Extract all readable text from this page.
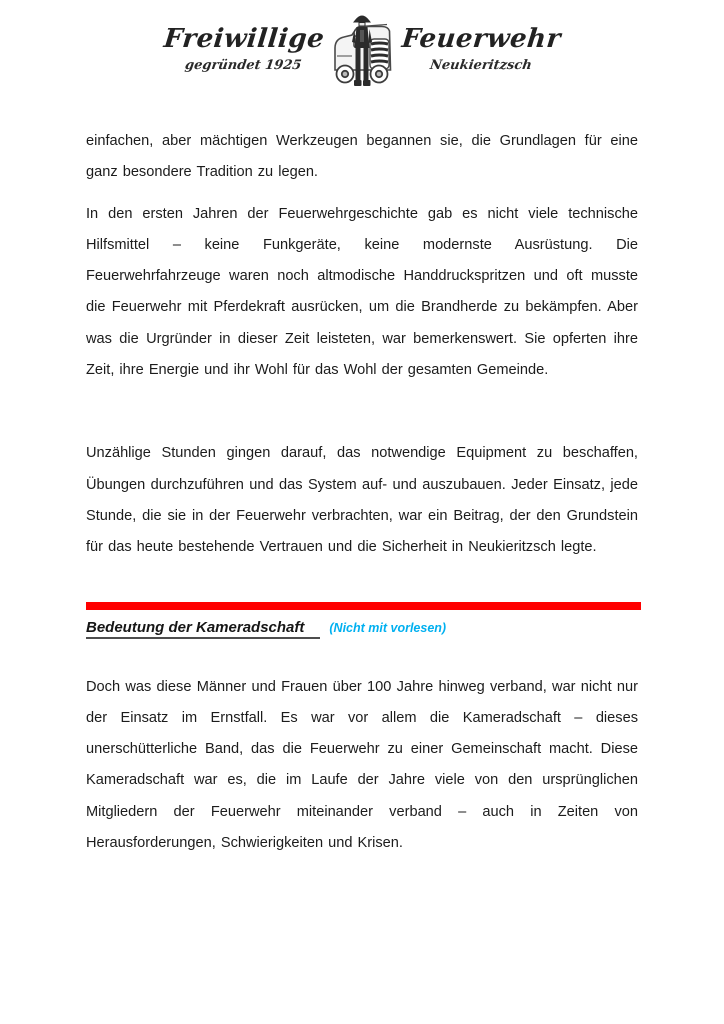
Freiwillige
gegründet 1925
Feuerwehr
Neukieritzsch

einfachen, aber mächtigen Werkzeugen begannen sie, die Grundlagen für eine ganz besondere Tradition zu legen.

In den ersten Jahren der Feuerwehrgeschichte gab es nicht viele technische Hilfsmittel – keine Funkgeräte, keine modernste Ausrüstung. Die Feuerwehrfahrzeuge waren noch altmodische Handdruckspritzen und oft musste die Feuerwehr mit Pferdekraft ausrücken, um die Brandherde zu bekämpfen. Aber was die Urgründer in dieser Zeit leisteten, war bemerkenswert. Sie opferten ihre Zeit, ihre Energie und ihr Wohl für das Wohl der gesamten Gemeinde.

Unzählige Stunden gingen darauf, das notwendige Equipment zu beschaffen, Übungen durchzuführen und das System auf- und auszubauen. Jeder Einsatz, jede Stunde, die sie in der Feuerwehr verbrachten, war ein Beitrag, der den Grundstein für das heute bestehende Vertrauen und die Sicherheit in Neukieritzsch legte.

Bedeutung der Kameradschaft	(Nicht mit vorlesen)

Doch was diese Männer und Frauen über 100 Jahre hinweg verband, war nicht nur der Einsatz im Ernstfall. Es war vor allem die Kameradschaft – dieses unerschütterliche Band, das die Feuerwehr zu einer Gemeinschaft macht. Diese Kameradschaft war es, die im Laufe der Jahre viele von den ursprünglichen Mitgliedern der Feuerwehr miteinander verband – auch in Zeiten von Herausforderungen, Schwierigkeiten und Krisen.
